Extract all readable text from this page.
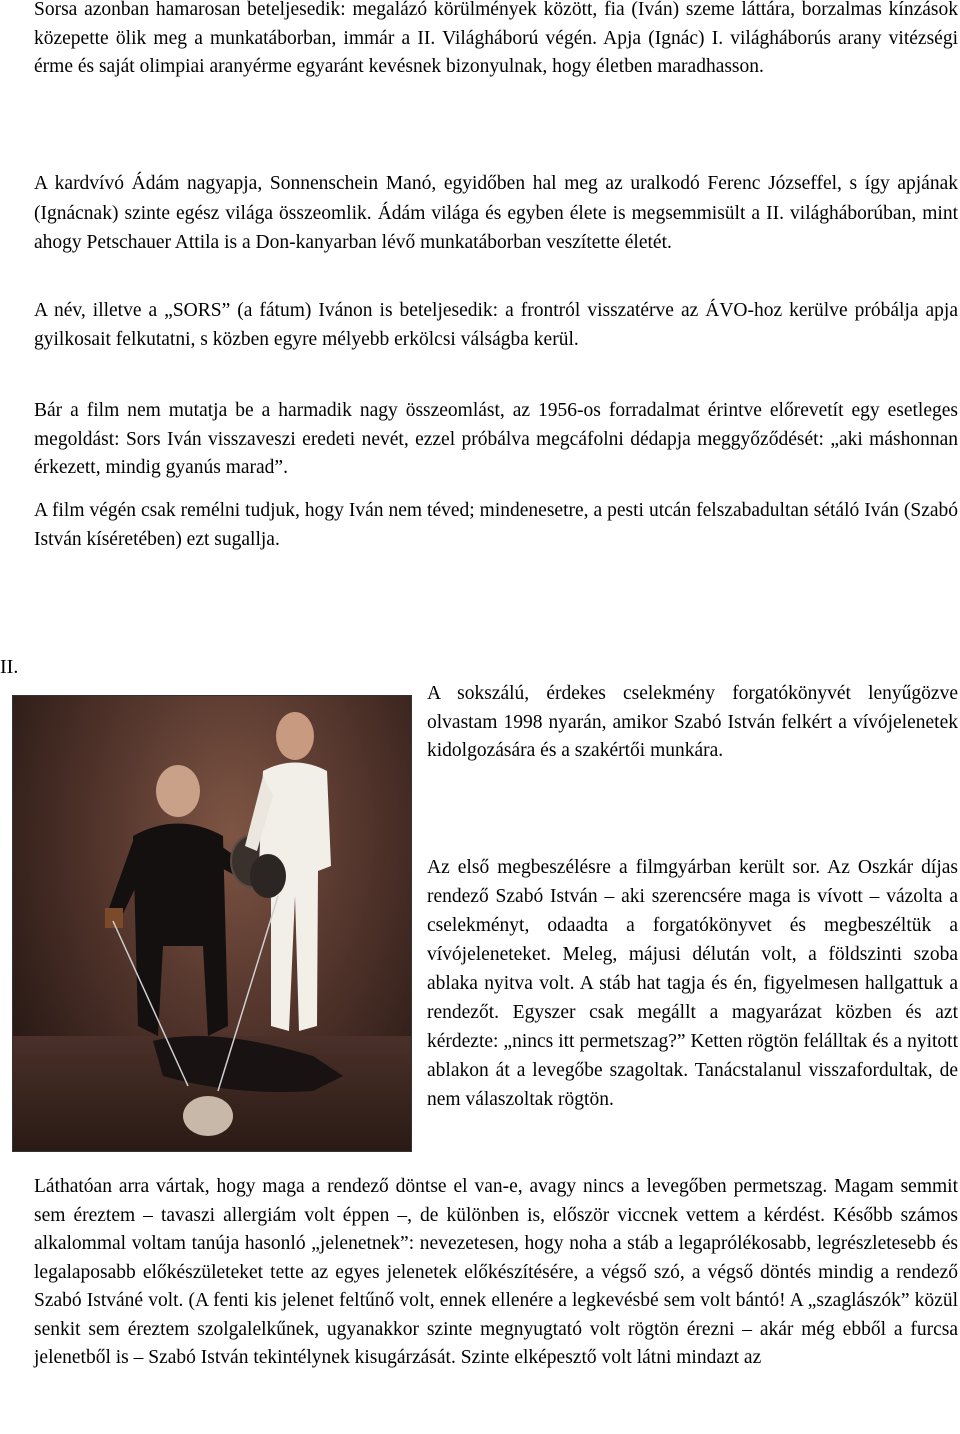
Sorsa azonban hamarosan beteljesedik: megalázó körülmények között, fia (Iván) szeme láttára, borzalmas kínzások közepette ölik meg a munkatáborban, immár a II. Világháború végén. Apja (Ignác) I. világháborús arany vitézségi érme és saját olimpiai aranyérme egyaránt kevésnek bizonyulnak, hogy életben maradhasson.

A kardvívó Ádám nagyapja, Sonnenschein Manó, egyidőben hal meg az uralkodó Ferenc Józseffel, s így apjának (Ignácnak) szinte egész világa összeomlik. Ádám világa és egyben élete is megsemmisült a II. világháborúban, mint ahogy Petschauer Attila is a Don-kanyarban lévő munkatáborban veszítette életét.

A név, illetve a „SORS” (a fátum) Ivánon is beteljesedik: a frontról visszatérve az ÁVO-hoz kerülve próbálja apja gyilkosait felkutatni, s közben egyre mélyebb erkölcsi válságba kerül.

Bár a film nem mutatja be a harmadik nagy összeomlást, az 1956-os forradalmat érintve előrevetít egy esetleges megoldást: Sors Iván visszaveszi eredeti nevét, ezzel próbálva megcáfolni dédapja meggyőződését: „aki máshonnan érkezett, mindig gyanús marad”.

A film végén csak remélni tudjuk, hogy Iván nem téved; mindenesetre, a pesti utcán felszabadultan sétáló Iván (Szabó István kíséretében) ezt sugallja.

II.

A sokszálú, érdekes cselekmény forgatókönyvét lenyűgözve olvastam 1998 nyarán, amikor Szabó István felkért a vívójelenetek kidolgozására és a szakértői munkára.

Az első megbeszélésre a filmgyárban került sor. Az Oszkár díjas rendező Szabó István – aki szerencsére maga is vívott – vázolta a cselekményt, odaadta a forgatókönyvet és megbeszéltük a vívójeleneteket. Meleg, májusi délután volt, a földszinti szoba ablaka nyitva volt. A stáb hat tagja és én, figyelmesen hallgattuk a rendezőt. Egyszer csak megállt a magyarázat közben és azt kérdezte: „nincs itt permetszag?” Ketten rögtön felálltak és a nyitott ablakon át a levegőbe szagoltak. Tanácstalanul visszafordultak, de nem válaszoltak rögtön.

Láthatóan arra vártak, hogy maga a rendező döntse el van-e, avagy nincs a levegőben permetszag. Magam semmit sem éreztem – tavaszi allergiám volt éppen –, de különben is, először viccnek vettem a kérdést. Később számos alkalommal voltam tanúja hasonló „jelenetnek”: nevezetesen, hogy noha a stáb a legaprólékosabb, legrészletesebb és legalaposabb előkészületeket tette az egyes jelenetek előkészítésére, a végső szó, a végső döntés mindig a rendező Szabó Istváné volt. (A fenti kis jelenet feltűnő volt, ennek ellenére a legkevésbé sem volt bántó! A „szaglászók” közül senkit sem éreztem szolgalelkűnek, ugyanakkor szinte megnyugtató volt rögtön érezni – akár még ebből a furcsa jelenetből is – Szabó István tekintélynek kisugárzását. Szinte elképesztő volt látni mindazt az
